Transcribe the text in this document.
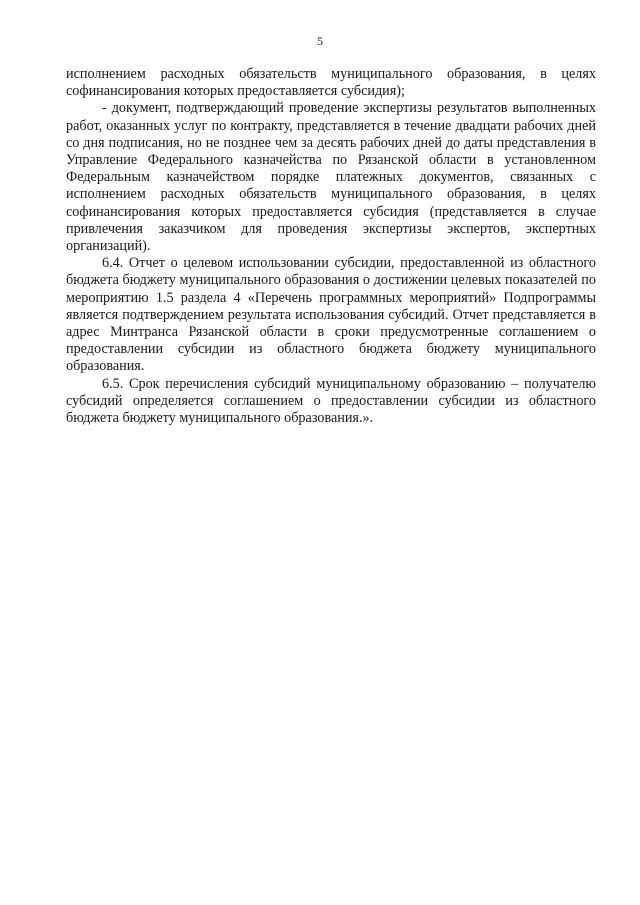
5

исполнением расходных обязательств муниципального образования, в целях софинансирования которых предоставляется субсидия);

- документ, подтверждающий проведение экспертизы результатов выполненных работ, оказанных услуг по контракту, представляется в течение двадцати рабочих дней со дня подписания, но не позднее чем за десять рабочих дней до даты представления в Управление Федерального казначейства по Рязанской области в установленном Федеральным казначейством порядке платежных документов, связанных с исполнением расходных обязательств муниципального образования, в целях софинансирования которых предоставляется субсидия (представляется в случае привлечения заказчиком для проведения экспертизы экспертов, экспертных организаций).

6.4. Отчет о целевом использовании субсидии, предоставленной из областного бюджета бюджету муниципального образования о достижении целевых показателей по мероприятию 1.5 раздела 4 «Перечень программных мероприятий» Подпрограммы является подтверждением результата использования субсидий. Отчет представляется в адрес Минтранса Рязанской области в сроки предусмотренные соглашением о предоставлении субсидии из областного бюджета бюджету муниципального образования.

6.5. Срок перечисления субсидий муниципальному образованию – получателю субсидий определяется соглашением о предоставлении субсидии из областного бюджета бюджету муниципального образования.».
